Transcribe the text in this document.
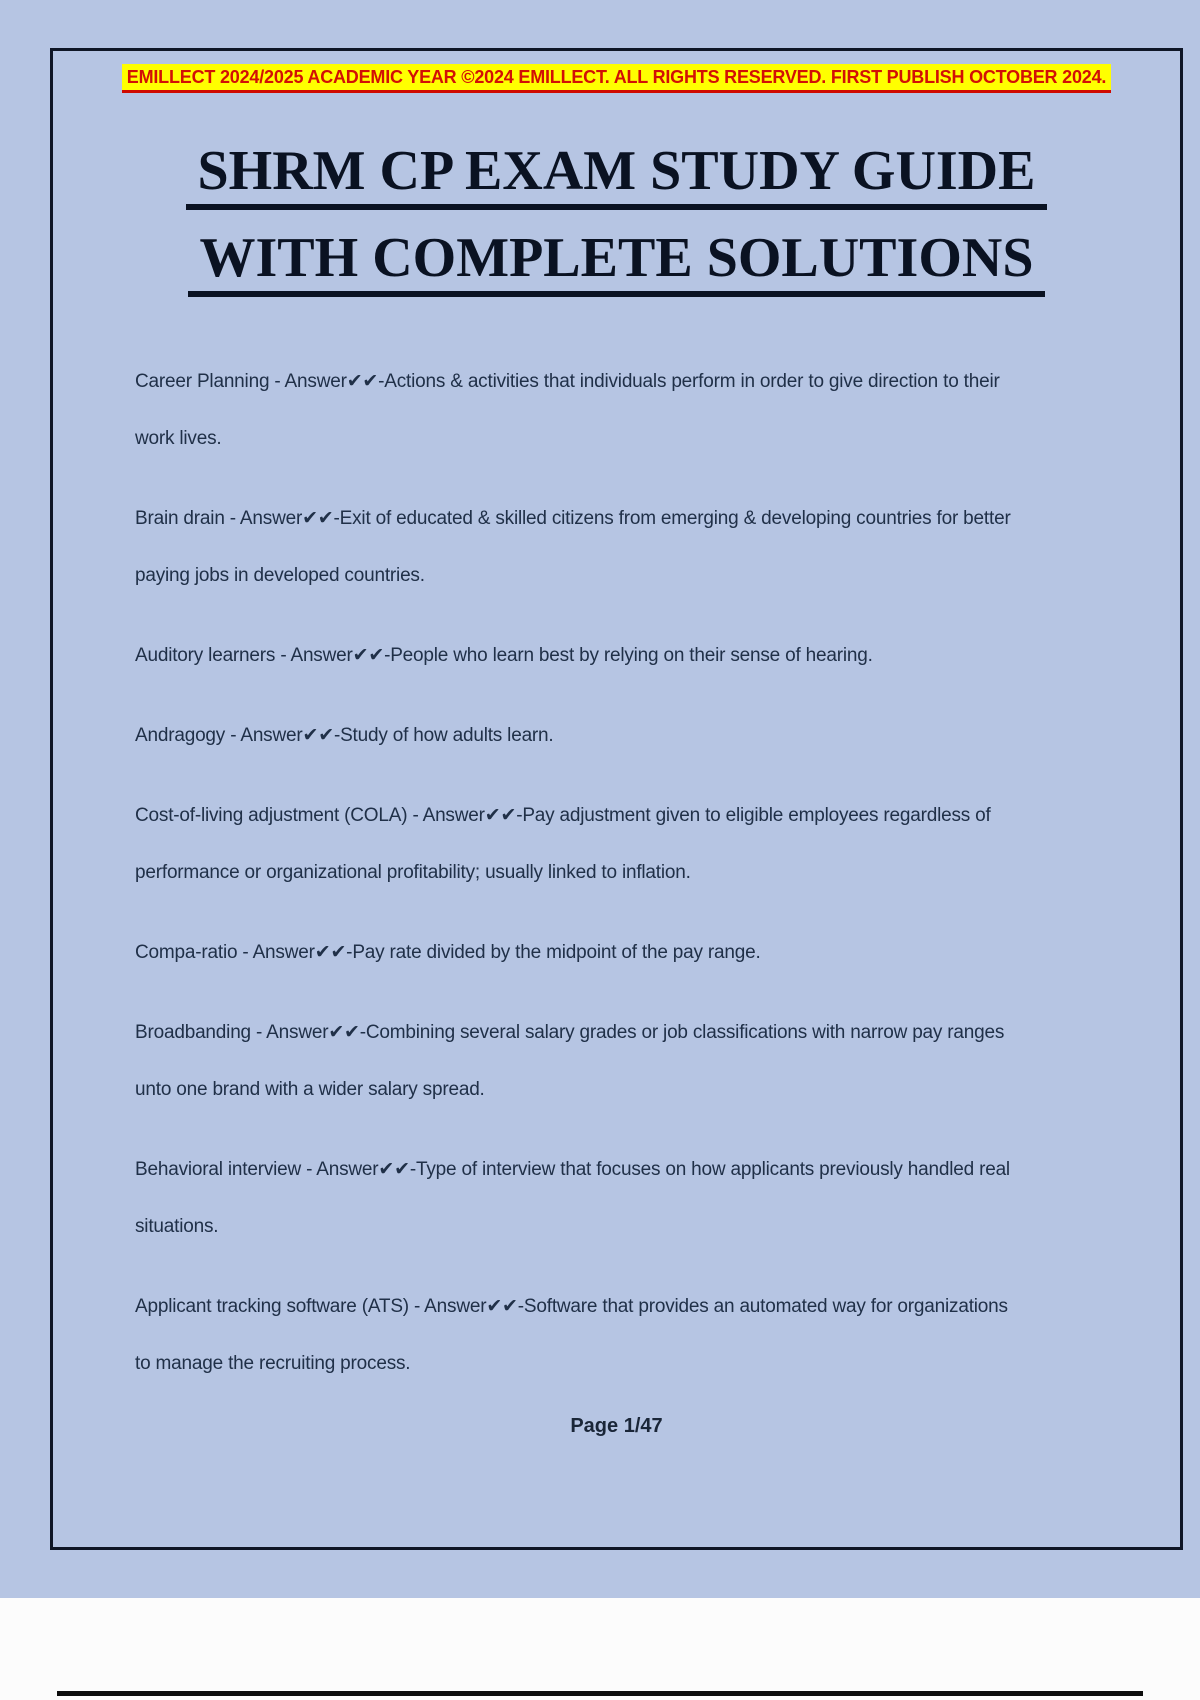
EMILLECT 2024/2025 ACADEMIC YEAR ©2024 EMILLECT. ALL RIGHTS RESERVED. FIRST PUBLISH OCTOBER 2024.
SHRM CP EXAM STUDY GUIDE
WITH COMPLETE SOLUTIONS

Career Planning - Answer✔✔-Actions & activities that individuals perform in order to give direction to their work lives.

Brain drain - Answer✔✔-Exit of educated & skilled citizens from emerging & developing countries for better paying jobs in developed countries.

Auditory learners - Answer✔✔-People who learn best by relying on their sense of hearing.

Andragogy - Answer✔✔-Study of how adults learn.

Cost-of-living adjustment (COLA) - Answer✔✔-Pay adjustment given to eligible employees regardless of performance or organizational profitability; usually linked to inflation.

Compa-ratio - Answer✔✔-Pay rate divided by the midpoint of the pay range.

Broadbanding - Answer✔✔-Combining several salary grades or job classifications with narrow pay ranges unto one brand with a wider salary spread.

Behavioral interview - Answer✔✔-Type of interview that focuses on how applicants previously handled real situations.

Applicant tracking software (ATS) - Answer✔✔-Software that provides an automated way for organizations to manage the recruiting process.

Page 1/47
